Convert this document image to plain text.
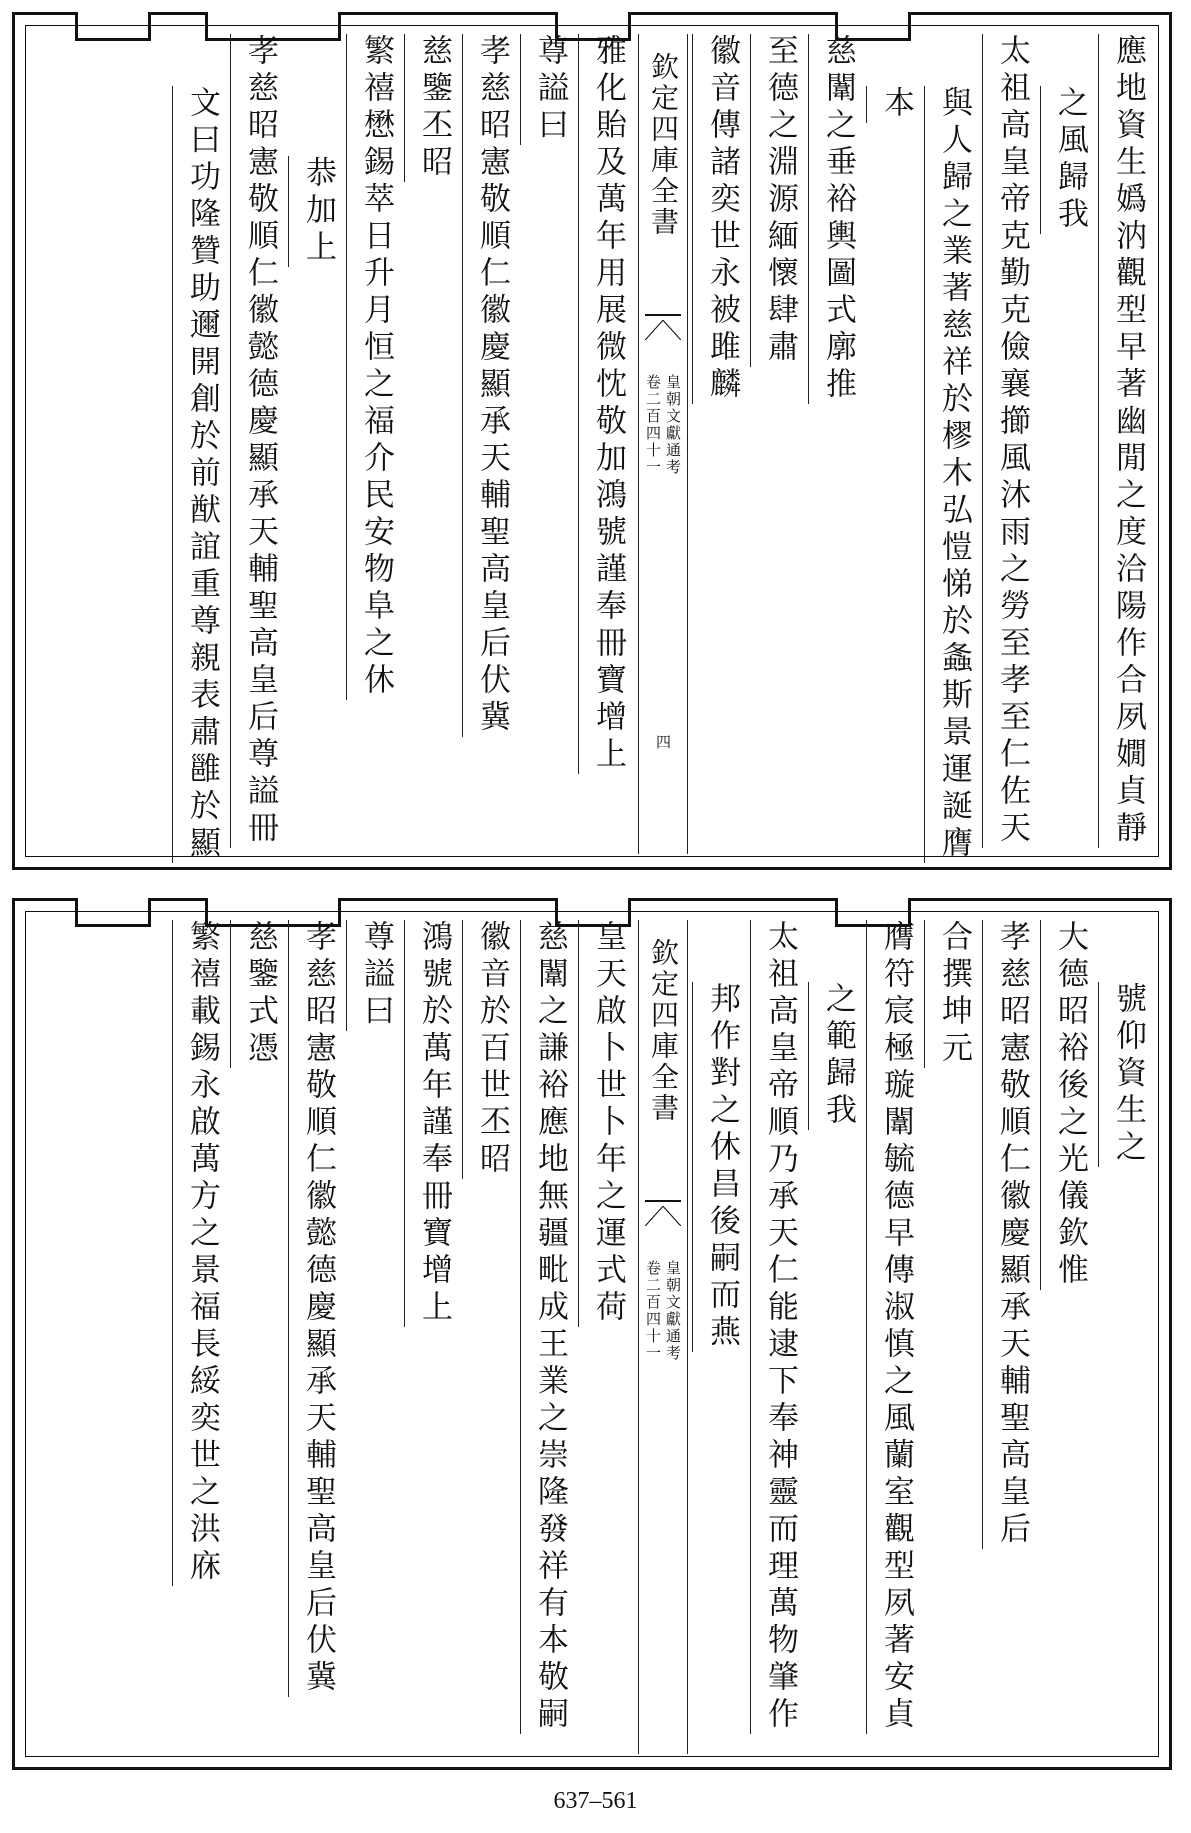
應地資生嬀汭觀型早著幽閒之度洽陽作合夙嫺貞靜
之風歸我
太祖高皇帝克勤克儉襄擳風沐雨之勞至孝至仁佐天
與人歸之業著慈祥於樛木弘愷悌於螽斯景運誕膺
本
慈闈之垂裕輿圖式廓推
至德之淵源緬懷肆肅
徽音傳諸奕世永被雎麟
欽定四庫全書
皇朝文獻通考
卷二百四十一
四
雅化貽及萬年用展微忱敬加鴻號謹奉冊寶增上
尊謚曰
孝慈昭憲敬順仁徽慶顯承天輔聖高皇后伏冀
慈鑒丕昭
繁禧懋錫萃日升月恒之福介民安物阜之休
恭加上
孝慈昭憲敬順仁徽懿德慶顯承天輔聖高皇后尊謚冊
文曰功隆贊助邇開創於前猷誼重尊親表肅雝於顯
號仰資生之
大德昭裕後之光儀欽惟
孝慈昭憲敬順仁徽慶顯承天輔聖高皇后
合撰坤元
膺符宸極璇闈毓德早傳淑慎之風蘭室觀型夙著安貞
之範歸我
太祖高皇帝順乃承天仁能逮下奉神靈而理萬物肇作
邦作對之休昌後嗣而燕
欽定四庫全書
皇朝文獻通考
卷二百四十一
皇天啟卜世卜年之運式荷
慈闈之謙裕應地無疆毗成王業之崇隆發祥有本敬嗣
徽音於百世丕昭
鴻號於萬年謹奉冊寶增上
尊謚曰
孝慈昭憲敬順仁徽懿德慶顯承天輔聖高皇后伏冀
慈鑒式憑
繁禧載錫永啟萬方之景福長綏奕世之洪庥
637–561
